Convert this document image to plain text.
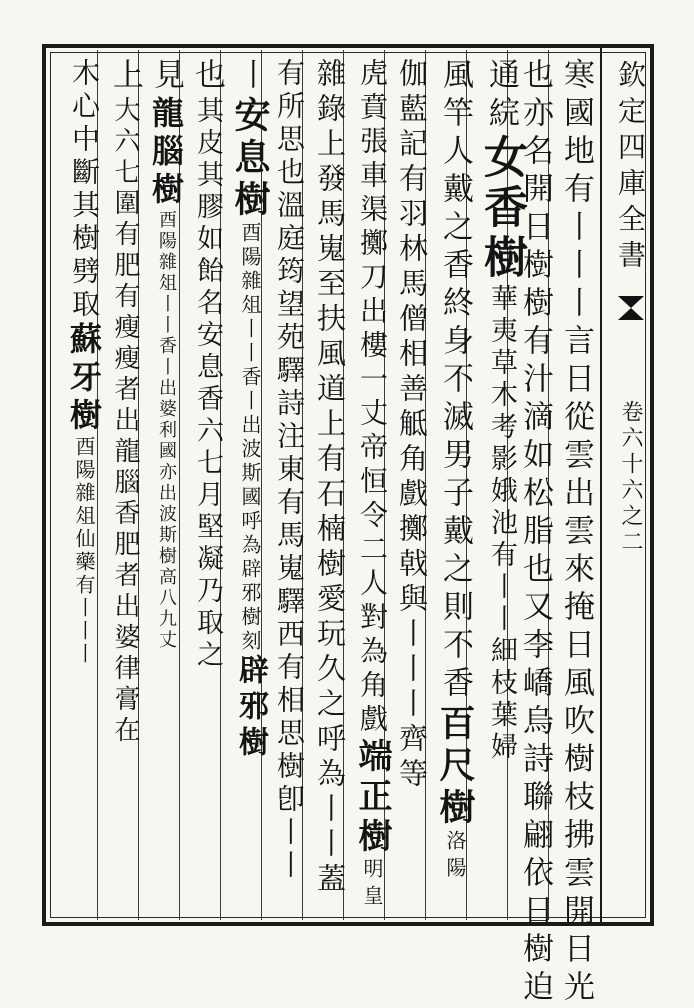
欽定四庫全書
卷六十六之二
寒國地有丨丨丨言日從雲出雲來掩日風吹樹枝拂雲開日光
也亦名開日樹樹有汁滴如松脂也又李嶠烏詩聯翩依日樹迫
通綄
女香樹
華夷草木考影娥池有丨丨細枝葉婦
風竿人戴之香終身不滅男子戴之則不香
百尺樹
洛陽
伽藍記有羽林馬僧相善觝角戲擲戟與丨丨丨齊等
虎賁張車渠擲刀出樓一丈帝恒令二人對為角戲
端正樹
明皇
雜錄上發馬嵬至扶風道上有石楠樹愛玩久之呼為丨丨蓋
有所思也溫庭筠望苑驛詩注東有馬嵬驛西有相思樹卽丨丨
丨
安息樹
酉陽雜俎丨丨香丨出波斯國呼為辟邪樹刻
辟邪樹
也
其皮其膠如飴名安息香六七月堅凝乃取之
見
龍腦樹
酉陽雜俎丨丨香丨出婆利國亦出波斯樹高八九丈
上
大六七圍有肥有瘦瘦者出龍腦香肥者出婆律膏在
木心中斷其樹劈取
蘇牙樹
酉陽雜俎仙藥有丨丨丨
